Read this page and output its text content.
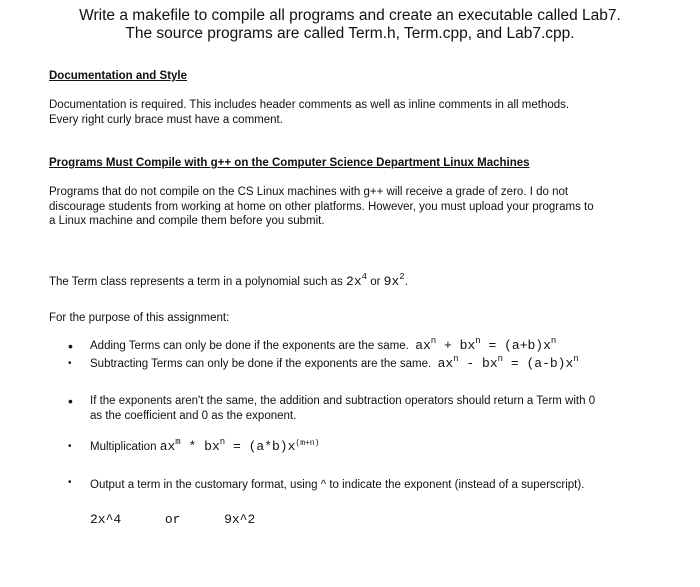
Write a makefile to compile all programs and create an executable called Lab7.
The source programs are called Term.h, Term.cpp, and Lab7.cpp.
Documentation and Style
Documentation is required. This includes header comments as well as inline comments in all methods.
Every right curly brace must have a comment.
Programs Must Compile with g++ on the Computer Science Department Linux Machines
Programs that do not compile on the CS Linux machines with g++ will receive a grade of zero. I do not
discourage students from working at home on other platforms. However, you must upload your programs to
a Linux machine and compile them before you submit.
The Term class represents a term in a polynomial such as $2x^4$ or $9x^2$.
For the purpose of this assignment:
• Adding Terms can only be done if the exponents are the same. $ax^n + bx^n = (a+b)x^n$
• Subtracting Terms can only be done if the exponents are the same. $ax^n - bx^n = (a-b)x^n$
• If the exponents aren't the same, the addition and subtraction operators should return a Term with 0
as the coefficient and 0 as the exponent.
• Multiplication $ax^m * bx^n = (a*b)x^{(m+n)}$
• Output a term in the customary format, using ^ to indicate the exponent (instead of a superscript).
2x^4	or	9x^2
